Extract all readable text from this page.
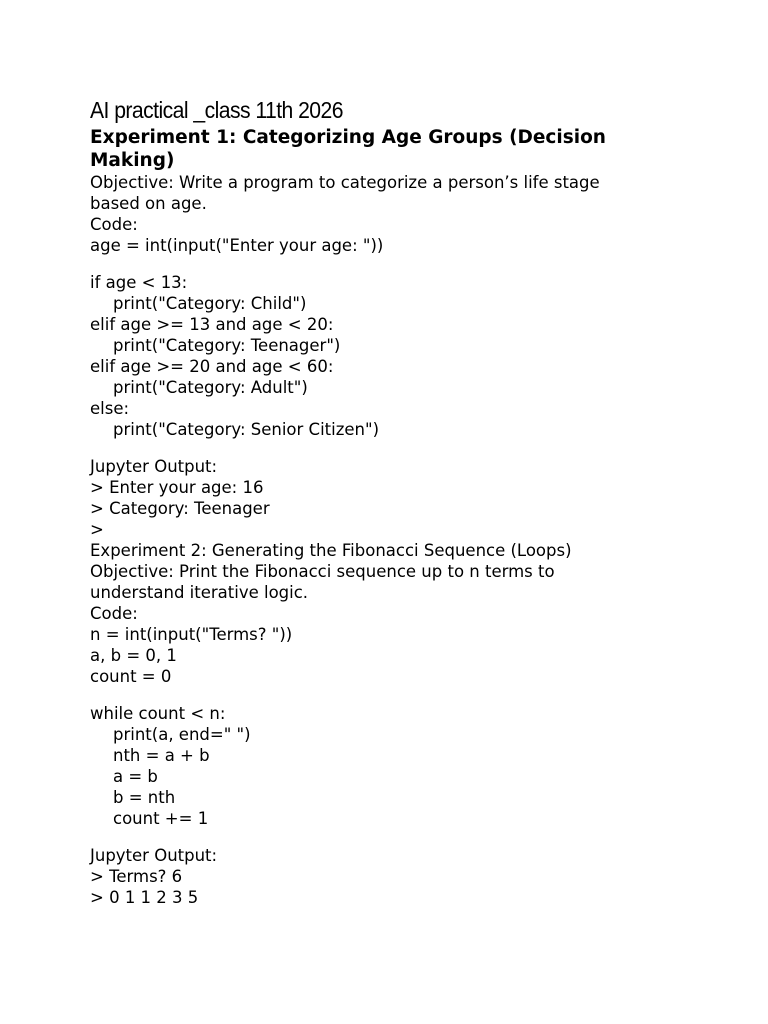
AI practical _class 11th 2026
Experiment 1: Categorizing Age Groups (Decision Making)

Objective: Write a program to categorize a person’s life stage based on age.

Code:

age = int(input("Enter your age: "))
if age < 13:
print("Category: Child")
elif age >= 13 and age < 20:
print("Category: Teenager")
elif age >= 20 and age < 60:
print("Category: Adult")
else:
print("Category: Senior Citizen")

Jupyter Output:

> Enter your age: 16
> Category: Teenager
>

Experiment 2: Generating the Fibonacci Sequence (Loops)

Objective: Print the Fibonacci sequence up to n terms to understand iterative logic.

Code:

n = int(input("Terms? "))
a, b = 0, 1
count = 0
while count < n:
print(a, end=" ")
nth = a + b
a = b
b = nth
count += 1

Jupyter Output:

> Terms? 6
> 0 1 1 2 3 5
